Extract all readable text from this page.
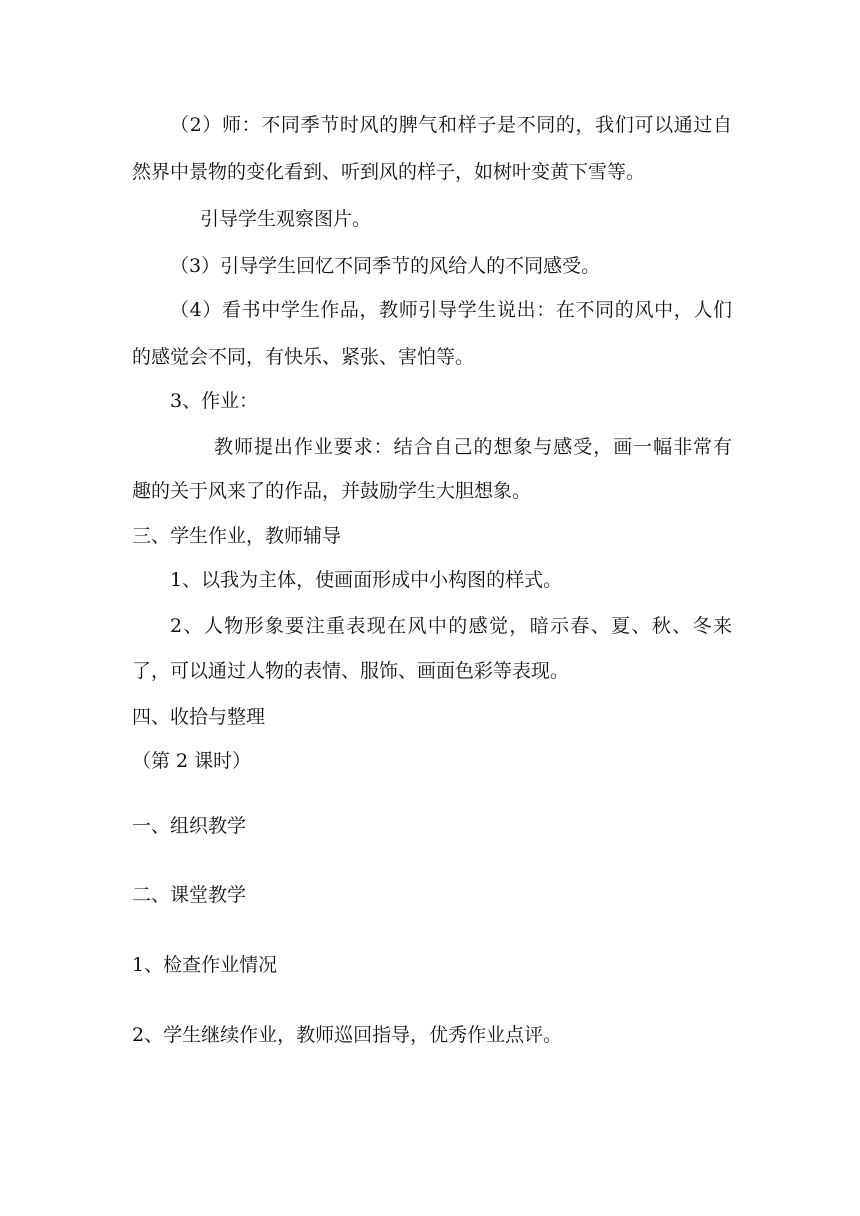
（2）师：不同季节时风的脾气和样子是不同的，我们可以通过自
然界中景物的变化看到、听到风的样子，如树叶变黄下雪等。
引导学生观察图片。
（3）引导学生回忆不同季节的风给人的不同感受。
（4）看书中学生作品，教师引导学生说出：在不同的风中，人们
的感觉会不同，有快乐、紧张、害怕等。
3、作业：
教师提出作业要求：结合自己的想象与感受，画一幅非常有
趣的关于风来了的作品，并鼓励学生大胆想象。
三、学生作业，教师辅导
1、以我为主体，使画面形成中小构图的样式。
2、人物形象要注重表现在风中的感觉，暗示春、夏、秋、冬来
了，可以通过人物的表情、服饰、画面色彩等表现。
四、收拾与整理
（第 2 课时）
一、组织教学
二、课堂教学
1、检查作业情况
2、学生继续作业，教师巡回指导，优秀作业点评。
